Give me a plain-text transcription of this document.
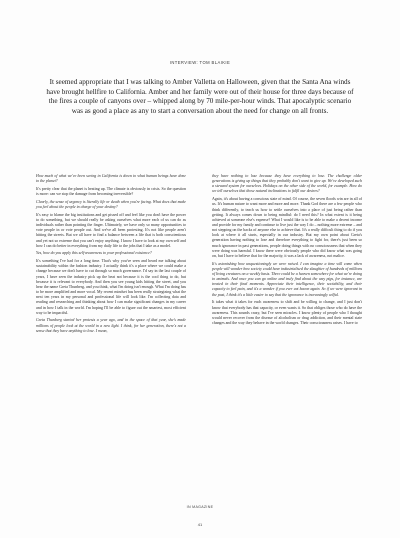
INTERVIEW: TOM BLAIKIE
It seemed appropriate that I was talking to Amber Valletta on Halloween, given that the Santa Ana winds have brought hellfire to California. Amber and her family were out of their house for three days because of the fires a couple of canyons over – whipped along by 70 mile-per-hour winds. That apocalyptic scenario was as good a place as any to start a conversation about the need for change on all fronts.

How much of what we've been seeing in California is down to what human beings have done to the planet?

It's pretty clear that the planet is heating up. The climate is obviously in crisis. So the question is more: can we stop the damage from becoming irreversible?

Clearly, the sense of urgency is literally life or death when you're facing. What does that make you feel about the people in charge of your destiny?

It's easy to blame the big institutions and get pissed off and feel like you don't have the power to do something, but we should really be asking ourselves what more each of us can do as individuals rather than pointing the finger. Ultimately, we have only so many opportunities to vote people in or vote people out. And we've all been protesting. It's not like people aren't hitting the streets. But we all have to find a balance between a life that is both conscientious and yet not so extreme that you can't enjoy anything. I know I have to look at my own self and how I can do better in everything from my daily life to the jobs that I take as a model.

Yes, how do you apply this self-awareness to your professional existence?

It's something I've had for a long time. That's why you've seen and heard me talking about sustainability within the fashion industry. I actually think it's a place where we could make a change because we don't have to cut through so much governance. I'd say in the last couple of years, I have seen the industry pick up the beat not because it is the cool thing to do, but because it is relevant to everybody. And then you see young kids hitting the street, and you hear the name Greta Thunberg, and you think, what I'm doing isn't enough. What I'm doing has to be more amplified and more vocal. My recent mindset has been really strategizing what the next ten years in my personal and professional life will look like. I'm collecting data and reading and researching and thinking about how I can make significant changes in my career and in how I talk in the world. I'm hoping I'll be able to figure out the smartest, most efficient way to be impactful.

Greta Thunberg started her protests a year ago, and in the space of that year, she's made millions of people look at the world in a new light. I think, for her generation, there's not a sense that they have anything to lose. I mean,

they have nothing to lose because they have everything to lose. The challenge older generations is giving up things that they probably don't want to give up. We've developed such a steward system for ourselves. Holidays on the other side of the world, for example. How do we tell ourselves that those natural inclinations to fulfil our desires?

Again, it's about having a conscious state of mind. Of course, the seven floods win are in all of us. It's human nature to want more and more and more. Thank God there are a few people who think differently, to teach us how to settle ourselves into a place of just being rather than getting. It always comes down to being mindful: do I need this? In what extent is it being achieved at someone else's expense? What I would like is to be able to make a decent income and provide for my family and continue to live just the way I do – nothing more extreme – and not stepping on the backs of anyone else to achieve that. It's a really difficult thing to do if you look at where it all starts, especially in our industry. But my own point about Greta's generation having nothing to lose and therefore everything to fight for, there's just been so much ignorance in past generations, people doing things with no consciousness that when they were doing was harmful. I know there were obviously people who did know what was going on, but I have to believe that for the majority, it was a lack of awareness, not malice.

It's astonishing how unquestioningly we were raised. I can imagine a time will come when people will wonder how society could have industrialised the slaughter of hundreds of millions of living creatures on a weekly basis. There could be a heaven somewhere for what we're doing to animals. And once you can go online and truly find about the way pigs, for instance, are treated in their final moments. Appreciate their intelligence, their sociability, and their capacity to feel pain, and it's a wonder if you ever eat bacon again. So if we were ignorant in the past, I think it's a little easier to say that the ignorance is increasingly wilful.

It takes what it takes for each awareness to shift and be willing to change, and I just don't know that everybody has that capacity, or even wants it. So that obliges those who do have the awareness. This sounds crazy, but I've seen miracles. I know plenty of people who I thought would never recover from the disease of alcoholism or drug addiction, and their mental state changes and the way they behave in the world changes. Their consciousness raises. I have to

IN MAGAZINE
41
